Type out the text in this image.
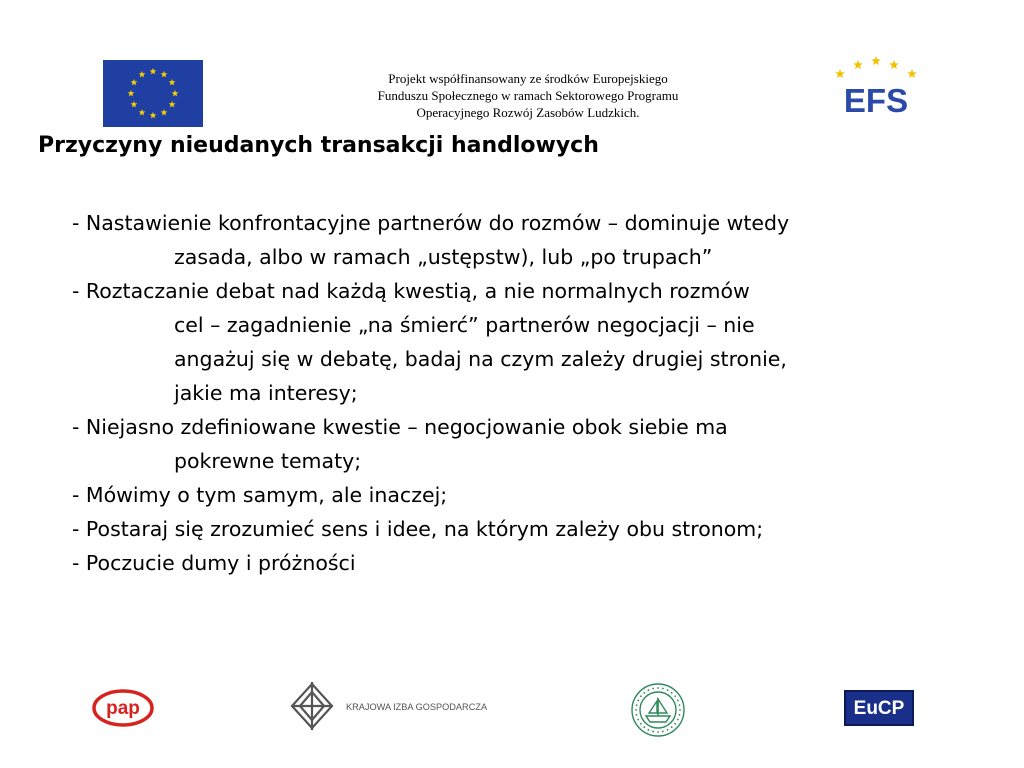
Projekt współfinansowany ze środków Europejskiego
Funduszu Społecznego w ramach Sektorowego Programu
Operacyjnego Rozwój Zasobów Ludzkich.	EFS
Przyczyny nieudanych transakcji handlowych
- Nastawienie konfrontacyjne partnerów do rozmów – dominuje wtedy
zasada, albo w ramach „ustępstw), lub „po trupach”
- Roztaczanie debat nad każdą kwestią, a nie normalnych rozmów
cel – zagadnienie „na śmierć” partnerów negocjacji – nie
angażuj się w debatę, badaj na czym zależy drugiej stronie,
jakie ma interesy;
- Niejasno zdefiniowane kwestie – negocjowanie obok siebie ma
pokrewne tematy;
- Mówimy o tym samym, ale inaczej;
- Postaraj się zrozumieć sens i idee, na którym zależy obu stronom;
- Poczucie dumy i próżności
pap	KRAJOWA IZBA GOSPODARCZA	EuCP
